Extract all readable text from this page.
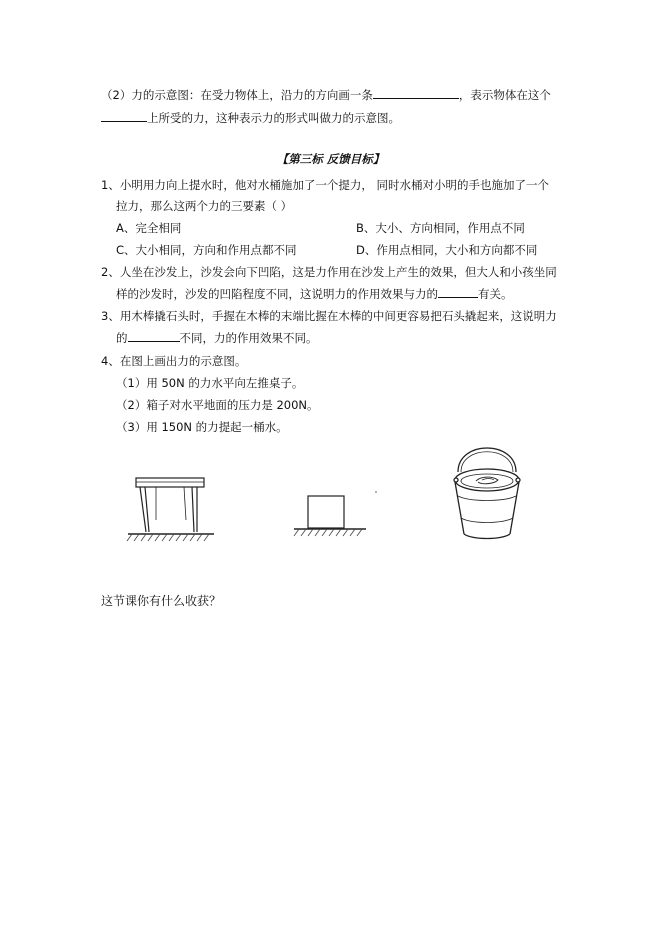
（2）力的示意图：在受力物体上，沿力的方向画一条	，表示物体在这个
上所受的力，这种表示力的形式叫做力的示意图。
【第三标 反馈目标】
1、小明用力向上提水时，他对水桶施加了一个提力， 同时水桶对小明的手也施加了一个
拉力，那么这两个力的三要素（ ）
A、完全相同	B、大小、方向相同，作用点不同
C、大小相同，方向和作用点都不同	D、作用点相同，大小和方向都不同
2、人坐在沙发上，沙发会向下凹陷，这是力作用在沙发上产生的效果，但大人和小孩坐同
样的沙发时，沙发的凹陷程度不同，这说明力的作用效果与力的	有关。
3、用木棒撬石头时，手握在木棒的末端比握在木棒的中间更容易把石头撬起来，这说明力
的	不同，力的作用效果不同。
4、在图上画出力的示意图。
（1）用 50N 的力水平向左推桌子。
（2）箱子对水平地面的压力是 200N。
（3）用 150N 的力提起一桶水。
这节课你有什么收获？
